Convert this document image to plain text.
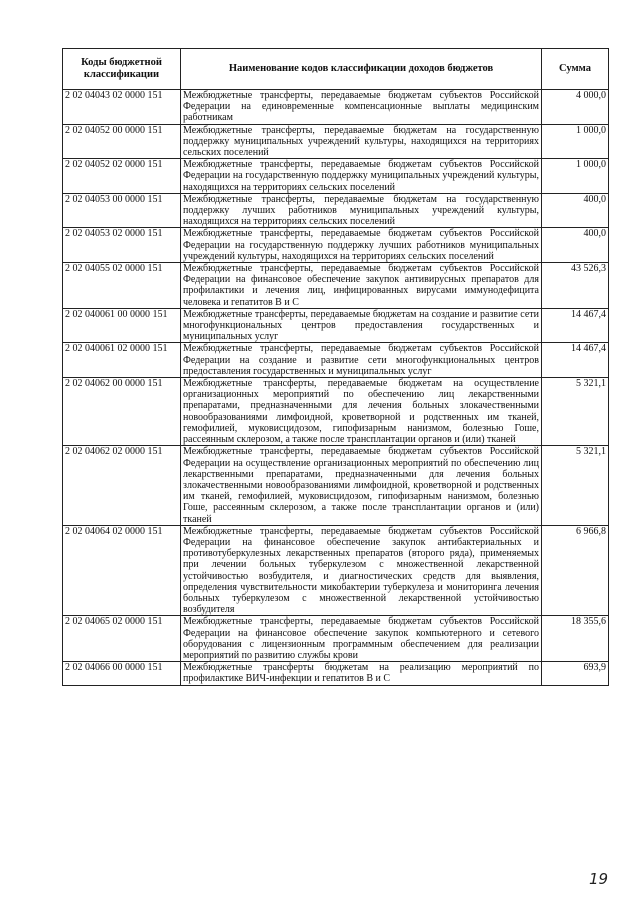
Коды бюджетной классификации	Наименование кодов классификации доходов бюджетов	Сумма
2 02 04043 02 0000 151	Межбюджетные трансферты, передаваемые бюджетам субъектов Российской Федерации на единовременные компенсационные выплаты медицинским работникам	4 000,0
2 02 04052 00 0000 151	Межбюджетные трансферты, передаваемые бюджетам на государственную поддержку муниципальных учреждений культуры, находящихся на территориях сельских поселений	1 000,0
2 02 04052 02 0000 151	Межбюджетные трансферты, передаваемые бюджетам субъектов Российской Федерации на государственную поддержку муниципальных учреждений культуры, находящихся на территориях сельских поселений	1 000,0
2 02 04053 00 0000 151	Межбюджетные трансферты, передаваемые бюджетам на государственную поддержку лучших работников муниципальных учреждений культуры, находящихся на территориях сельских поселений	400,0
2 02 04053 02 0000 151	Межбюджетные трансферты, передаваемые бюджетам субъектов Российской Федерации на государственную поддержку лучших работников муниципальных учреждений культуры, находящихся на территориях сельских поселений	400,0
2 02 04055 02 0000 151	Межбюджетные трансферты, передаваемые бюджетам субъектов Российской Федерации на финансовое обеспечение закупок антивирусных препаратов для профилактики и лечения лиц, инфицированных вирусами иммунодефицита человека и гепатитов В и С	43 526,3
2 02 040061 00 0000 151	Межбюджетные трансферты, передаваемые бюджетам на создание и развитие сети многофункциональных центров предоставления государственных и муниципальных услуг	14 467,4
2 02 040061 02 0000 151	Межбюджетные трансферты, передаваемые бюджетам субъектов Российской Федерации на создание и развитие сети многофункциональных центров предоставления государственных и муниципальных услуг	14 467,4
2 02 04062 00 0000 151	Межбюджетные трансферты, передаваемые бюджетам на осуществление организационных мероприятий по обеспечению лиц лекарственными препаратами, предназначенными для лечения больных злокачественными новообразованиями лимфоидной, кроветворной и родственных им тканей, гемофилией, муковисцидозом, гипофизарным нанизмом, болезнью Гоше, рассеянным склерозом, а также после трансплантации органов и (или) тканей	5 321,1
2 02 04062 02 0000 151	Межбюджетные трансферты, передаваемые бюджетам субъектов Российской Федерации на осуществление организационных мероприятий по обеспечению лиц лекарственными препаратами, предназначенными для лечения больных злокачественными новообразованиями лимфоидной, кроветворной и родственных им тканей, гемофилией, муковисцидозом, гипофизарным нанизмом, болезнью Гоше, рассеянным склерозом, а также после трансплантации органов и (или) тканей	5 321,1
2 02 04064 02 0000 151	Межбюджетные трансферты, передаваемые бюджетам субъектов Российской Федерации на финансовое обеспечение закупок антибактериальных и противотуберкулезных лекарственных препаратов (второго ряда), применяемых при лечении больных туберкулезом с множественной лекарственной устойчивостью возбудителя, и диагностических средств для выявления, определения чувствительности микобактерии туберкулеза и мониторинга лечения больных туберкулезом с множественной лекарственной устойчивостью возбудителя	6 966,8
2 02 04065 02 0000 151	Межбюджетные трансферты, передаваемые бюджетам субъектов Российской Федерации на финансовое обеспечение закупок компьютерного и сетевого оборудования с лицензионным программным обеспечением для реализации мероприятий по развитию службы крови	18 355,6
2 02 04066 00 0000 151	Межбюджетные трансферты бюджетам на реализацию мероприятий по профилактике ВИЧ-инфекции и гепатитов В и С	693,9
19
